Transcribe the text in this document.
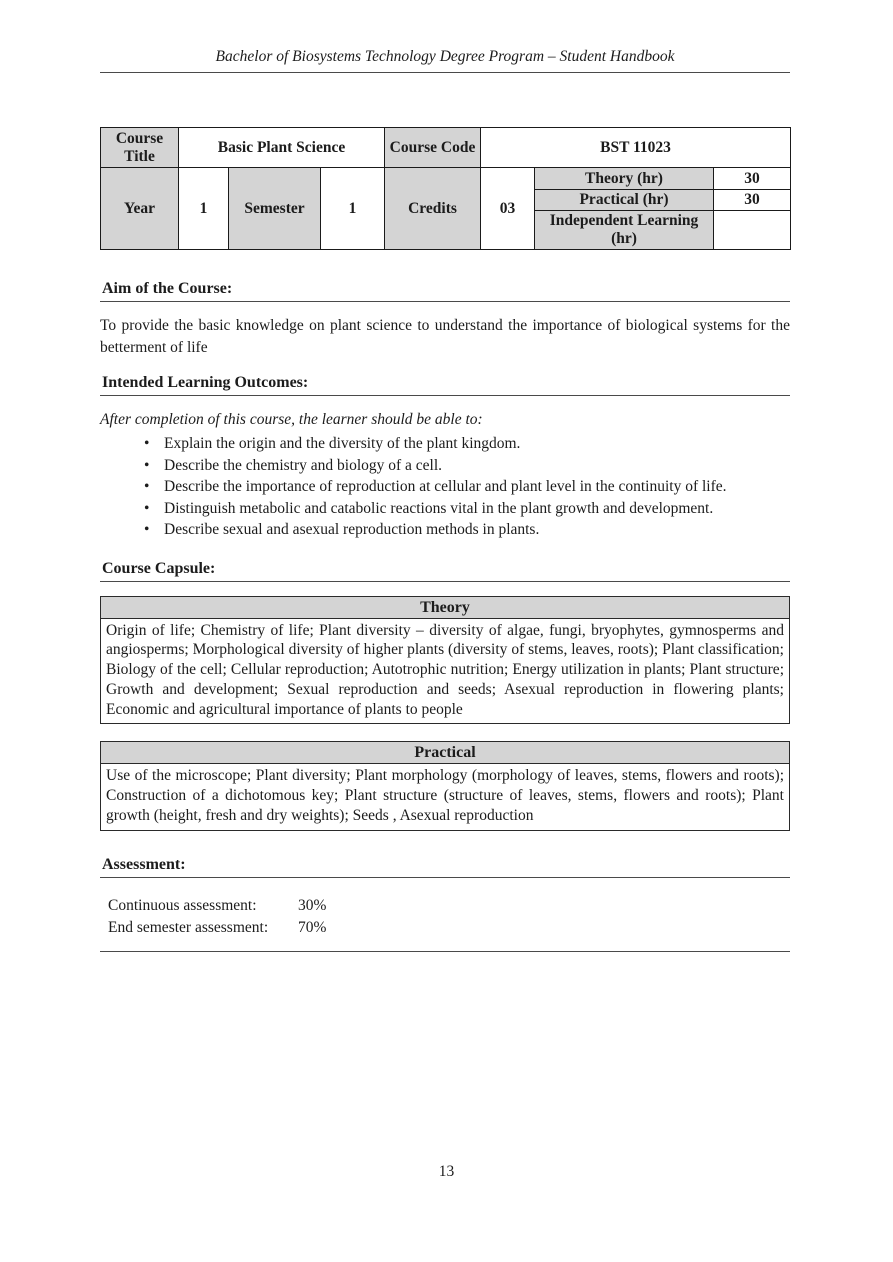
Bachelor of Biosystems Technology Degree Program – Student Handbook
Course Title	Basic Plant Science			Course Code	BST 11023		
Year	1	Semester	1	Credits	03	Theory (hr)	30
						Practical (hr)	30
						Independent Learning (hr)	
Aim of the Course:

To provide the basic knowledge on plant science to understand the importance of biological systems for the betterment of life

Intended Learning Outcomes:

After completion of this course, the learner should be able to:

• Explain the origin and the diversity of the plant kingdom.
• Describe the chemistry and biology of a cell.
• Describe the importance of reproduction at cellular and plant level in the continuity of life.
• Distinguish metabolic and catabolic reactions vital in the plant growth and development.
• Describe sexual and asexual reproduction methods in plants.
Course Capsule:
Theory
Origin of life; Chemistry of life; Plant diversity – diversity of algae, fungi, bryophytes, gymnosperms and angiosperms; Morphological diversity of higher plants (diversity of stems, leaves, roots); Plant classification; Biology of the cell; Cellular reproduction; Autotrophic nutrition; Energy utilization in plants; Plant structure; Growth and development; Sexual reproduction and seeds; Asexual reproduction in flowering plants; Economic and agricultural importance of plants to people
Practical
Use of the microscope; Plant diversity; Plant morphology (morphology of leaves, stems, flowers and roots); Construction of a dichotomous key; Plant structure (structure of leaves, stems, flowers and roots); Plant growth (height, fresh and dry weights); Seeds , Asexual reproduction
Assessment:
Continuous assessment:	30%
End semester assessment: 70%
13
